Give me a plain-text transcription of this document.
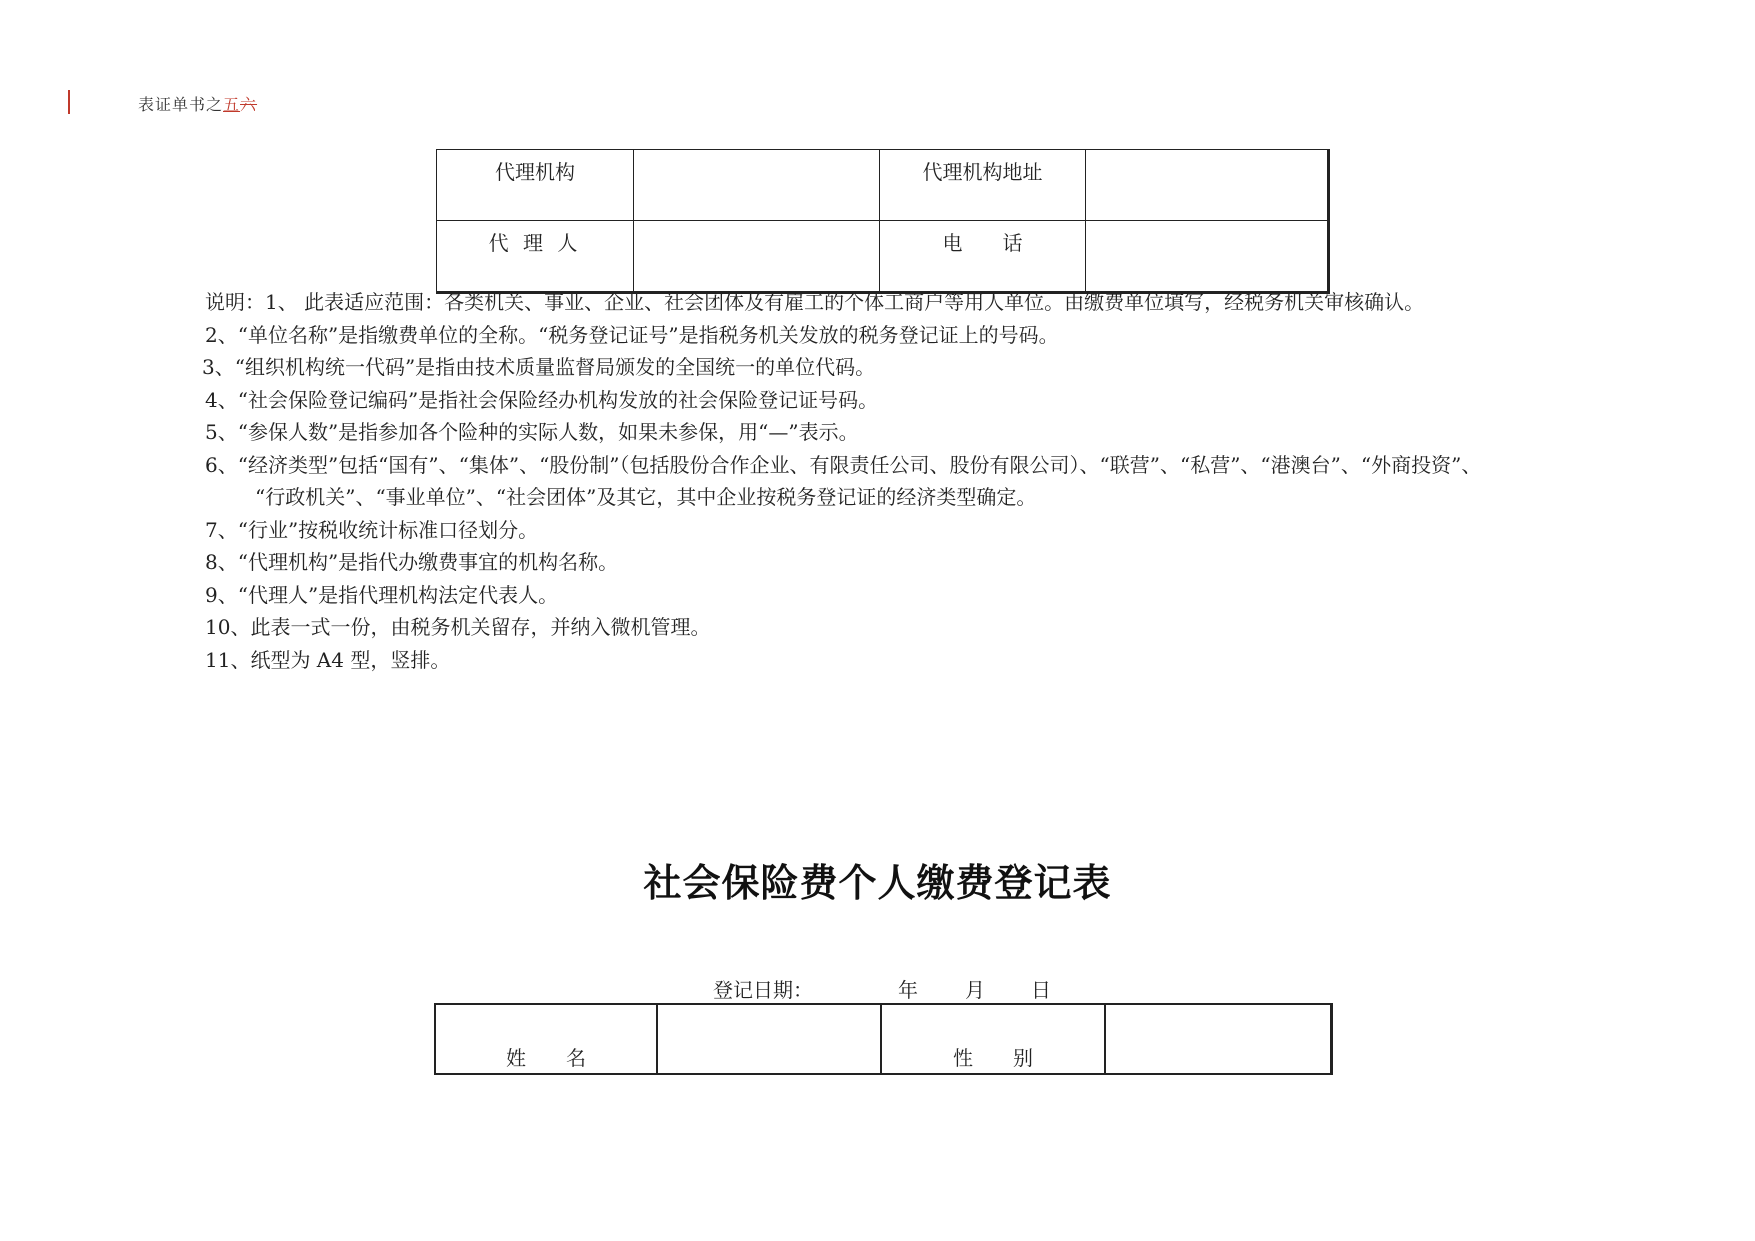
表证单书之五六
代理机构		代理机构地址	
代 理 人		电　　话	
说明：1、 此表适应范围：各类机关、事业、企业、社会团体及有雇工的个体工商户等用人单位。由缴费单位填写，经税务机关审核确认。
2、“单位名称”是指缴费单位的全称。“税务登记证号”是指税务机关发放的税务登记证上的号码。
3、“组织机构统一代码”是指由技术质量监督局颁发的全国统一的单位代码。
4、“社会保险登记编码”是指社会保险经办机构发放的社会保险登记证号码。
5、“参保人数”是指参加各个险种的实际人数，如果未参保，用“—”表示。
6、“经济类型”包括“国有”、“集体”、“股份制”（包括股份合作企业、有限责任公司、股份有限公司）、“联营”、“私营”、“港澳台”、“外商投资”、
“行政机关”、“事业单位”、“社会团体”及其它，其中企业按税务登记证的经济类型确定。
7、“行业”按税收统计标准口径划分。
8、“代理机构”是指代办缴费事宜的机构名称。
9、“代理人”是指代理机构法定代表人。
10、此表一式一份，由税务机关留存，并纳入微机管理。
11、纸型为 A4 型，竖排。
社会保险费个人缴费登记表
登记日期：	年 月 日
姓　　名		性　　别	
